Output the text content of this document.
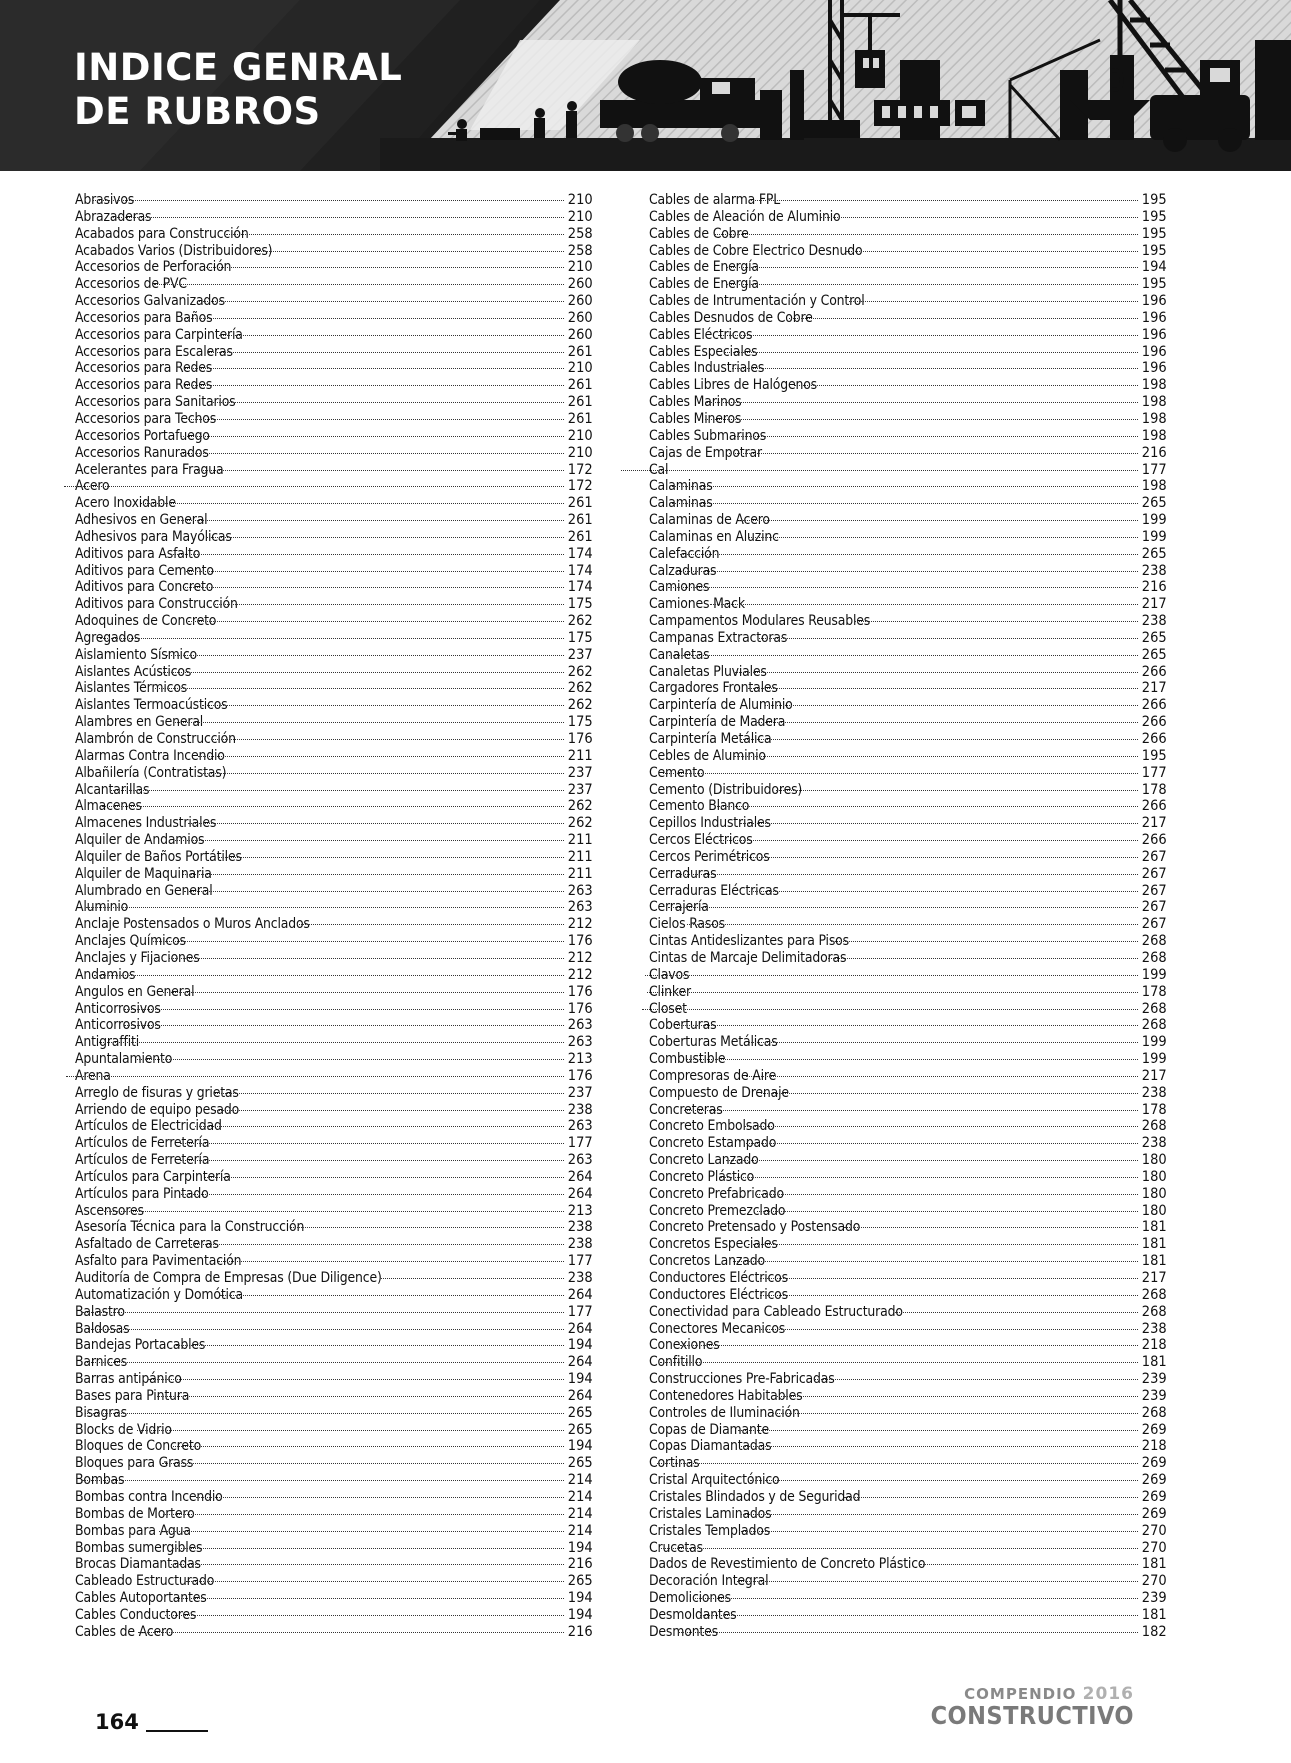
INDICE GENRAL
DE RUBROS
Abrasivos	210
Abrazaderas	210
Acabados para Construcción	258
Acabados Varios (Distribuidores)	258
Accesorios de Perforación	210
Accesorios de PVC	260
Accesorios Galvanizados	260
Accesorios para Baños	260
Accesorios para Carpintería	260
Accesorios para Escaleras	261
Accesorios para Redes	210
Accesorios para Redes	261
Accesorios para Sanitarios	261
Accesorios para Techos	261
Accesorios Portafuego	210
Accesorios Ranurados	210
Acelerantes para Fragua	172
Acero	172
Acero Inoxidable	261
Adhesivos en General	261
Adhesivos para Mayólicas	261
Aditivos para Asfalto	174
Aditivos para Cemento	174
Aditivos para Concreto	174
Aditivos para Construcción	175
Adoquines de Concreto	262
Agregados	175
Aislamiento Sísmico	237
Aislantes Acústicos	262
Aislantes Térmicos	262
Aislantes Termoacústicos	262
Alambres en General	175
Alambrón de Construcción	176
Alarmas Contra Incendio	211
Albañilería (Contratistas)	237
Alcantarillas	237
Almacenes	262
Almacenes Industriales	262
Alquiler de Andamios	211
Alquiler de Baños Portátiles	211
Alquiler de Maquinaria	211
Alumbrado en General	263
Aluminio	263
Anclaje Postensados o Muros Anclados	212
Anclajes Químicos	176
Anclajes y Fijaciones	212
Andamios	212
Angulos en General	176
Anticorrosivos	176
Anticorrosivos	263
Antigraffiti	263
Apuntalamiento	213
Arena	176
Arreglo de fisuras y grietas	237
Arriendo de equipo pesado	238
Artículos de Electricidad	263
Artículos de Ferretería	177
Artículos de Ferretería	263
Artículos para Carpintería	264
Artículos para Pintado	264
Ascensores	213
Asesoría Técnica para la Construcción	238
Asfaltado de Carreteras	238
Asfalto para Pavimentación	177
Auditoría de Compra de Empresas (Due Diligence)	238
Automatización y Domótica	264
Balastro	177
Baldosas	264
Bandejas Portacables	194
Barnices	264
Barras antipánico	194
Bases para Pintura	264
Bisagras	265
Blocks de Vidrio	265
Bloques de Concreto	194
Bloques para Grass	265
Bombas	214
Bombas contra Incendio	214
Bombas de Mortero	214
Bombas para Agua	214
Bombas sumergibles	194
Brocas Diamantadas	216
Cableado Estructurado	265
Cables Autoportantes	194
Cables Conductores	194
Cables de Acero	216
Cables de alarma FPL	195
Cables de Aleación de Aluminio	195
Cables de Cobre	195
Cables de Cobre Electrico Desnudo	195
Cables de Energía	194
Cables de Energía	195
Cables de Intrumentación y Control	196
Cables Desnudos de Cobre	196
Cables Eléctricos	196
Cables Especiales	196
Cables Industriales	196
Cables Libres de Halógenos	198
Cables Marinos	198
Cables Mineros	198
Cables Submarinos	198
Cajas de Empotrar	216
Cal	177
Calaminas	198
Calaminas	265
Calaminas de Acero	199
Calaminas en Aluzinc	199
Calefacción	265
Calzaduras	238
Camiones	216
Camiones Mack	217
Campamentos Modulares Reusables	238
Campanas Extractoras	265
Canaletas	265
Canaletas Pluviales	266
Cargadores Frontales	217
Carpintería de Aluminio	266
Carpintería de Madera	266
Carpintería Metálica	266
Cebles de Aluminio	195
Cemento	177
Cemento (Distribuidores)	178
Cemento Blanco	266
Cepillos Industriales	217
Cercos Eléctricos	266
Cercos Perimétricos	267
Cerraduras	267
Cerraduras Eléctricas	267
Cerrajería	267
Cielos Rasos	267
Cintas Antideslizantes para Pisos	268
Cintas de Marcaje Delimitadoras	268
Clavos	199
Clinker	178
Closet	268
Coberturas	268
Coberturas Metálicas	199
Combustible	199
Compresoras de Aire	217
Compuesto de Drenaje	238
Concreteras	178
Concreto Embolsado	268
Concreto Estampado	238
Concreto Lanzado	180
Concreto Plástico	180
Concreto Prefabricado	180
Concreto Premezclado	180
Concreto Pretensado y Postensado	181
Concretos Especiales	181
Concretos Lanzado	181
Conductores Eléctricos	217
Conductores Eléctricos	268
Conectividad para Cableado Estructurado	268
Conectores Mecanicos	238
Conexiones	218
Confitillo	181
Construcciones Pre-Fabricadas	239
Contenedores Habitables	239
Controles de Iluminación	268
Copas de Diamante	269
Copas Diamantadas	218
Cortinas	269
Cristal Arquitectónico	269
Cristales Blindados y de Seguridad	269
Cristales Laminados	269
Cristales Templados	270
Crucetas	270
Dados de Revestimiento de Concreto Plástico	181
Decoración Integral	270
Demoliciones	239
Desmoldantes	181
Desmontes	182
164
COMPENDIO 2016
CONSTRUCTIVO
